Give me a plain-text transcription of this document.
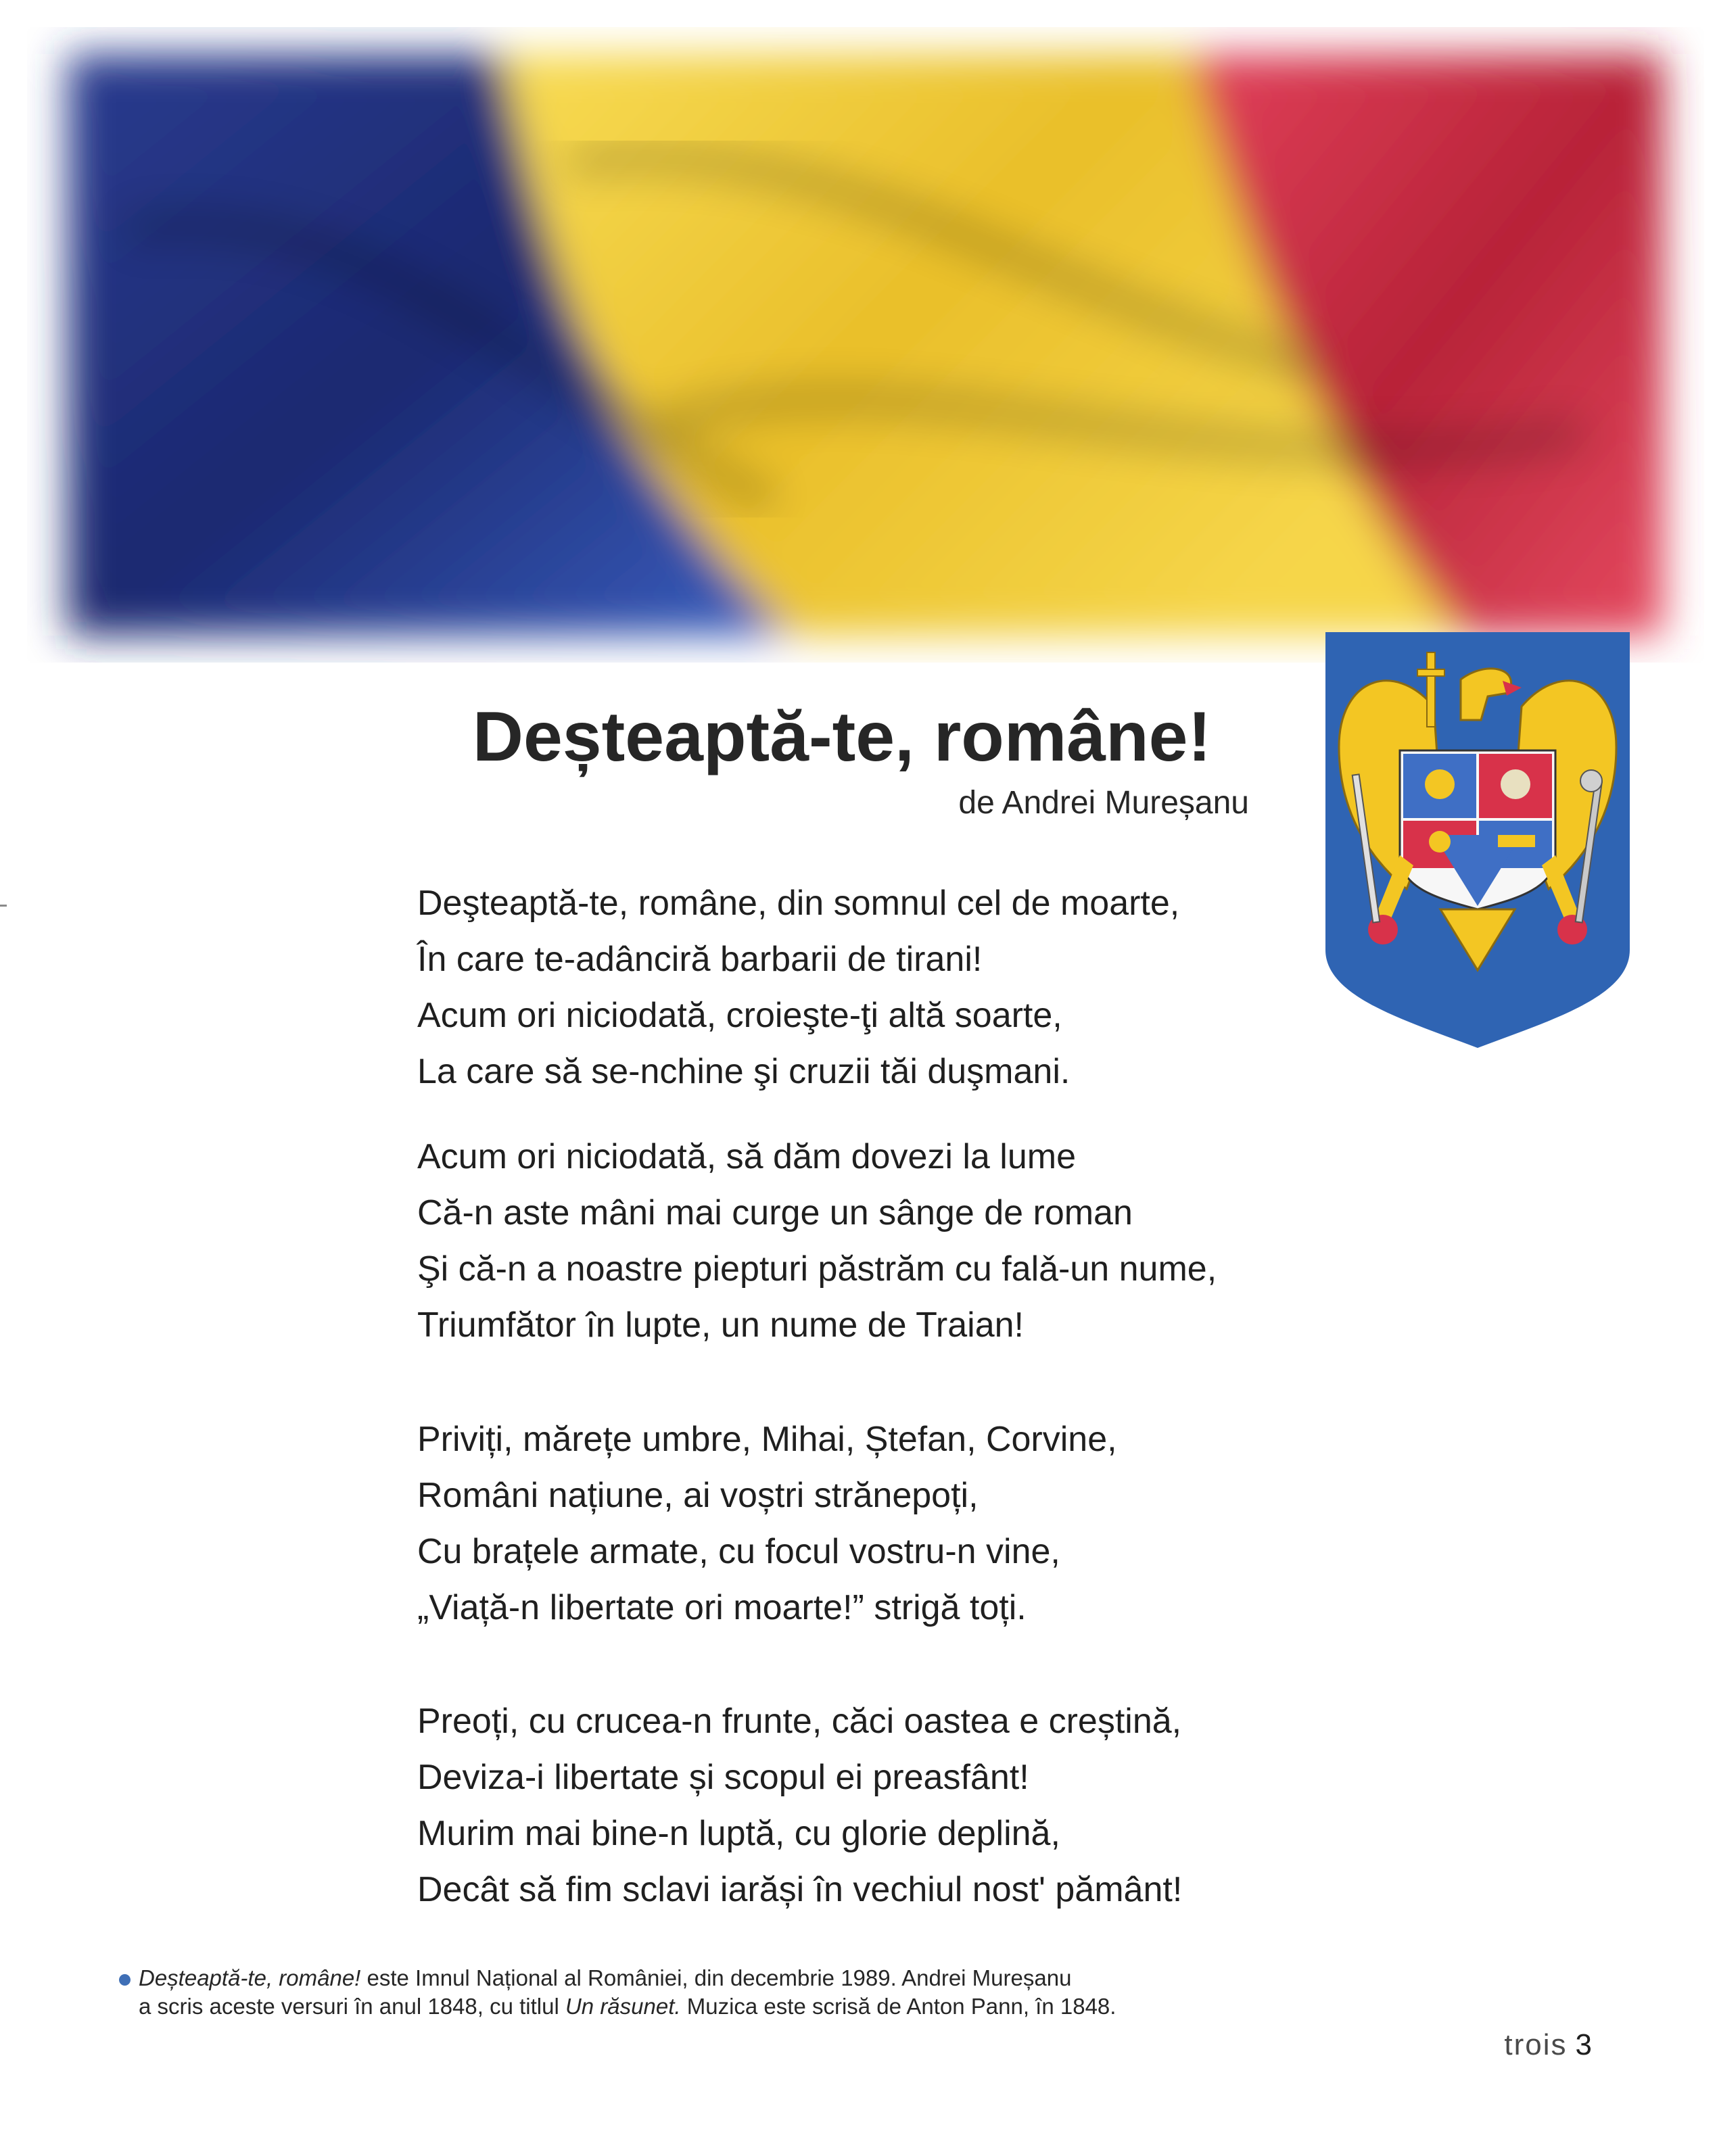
Deșteaptă-te, române!
de Andrei Mureșanu
Deşteaptă-te, române, din somnul cel de moarte,
În care te-adânciră barbarii de tirani!
Acum ori niciodată, croieşte-ţi altă soarte,
La care să se-nchine şi cruzii tăi duşmani.
Acum ori niciodată, să dăm dovezi la lume
Că-n aste mâni mai curge un sânge de roman
Şi că-n a noastre piepturi păstrăm cu falǎ-un nume,
Triumfător în lupte, un nume de Traian!
Priviți, mărețe umbre, Mihai, Ștefan, Corvine,
Români națiune, ai voștri strănepoți,
Cu brațele armate, cu focul vostru-n vine,
„Viață-n libertate ori moarte!” strigă toți.
Preoți, cu crucea-n frunte, căci oastea e creștină,
Deviza-i libertate și scopul ei preasfânt!
Murim mai bine-n luptă, cu glorie deplină,
Decât să fim sclavi iarăși în vechiul nost' pământ!
Deșteaptă-te, române! este Imnul Național al României, din decembrie 1989. Andrei Mureșanu
a scris aceste versuri în anul 1848, cu titlul Un răsunet. Muzica este scrisă de Anton Pann, în 1848.
trois 3
